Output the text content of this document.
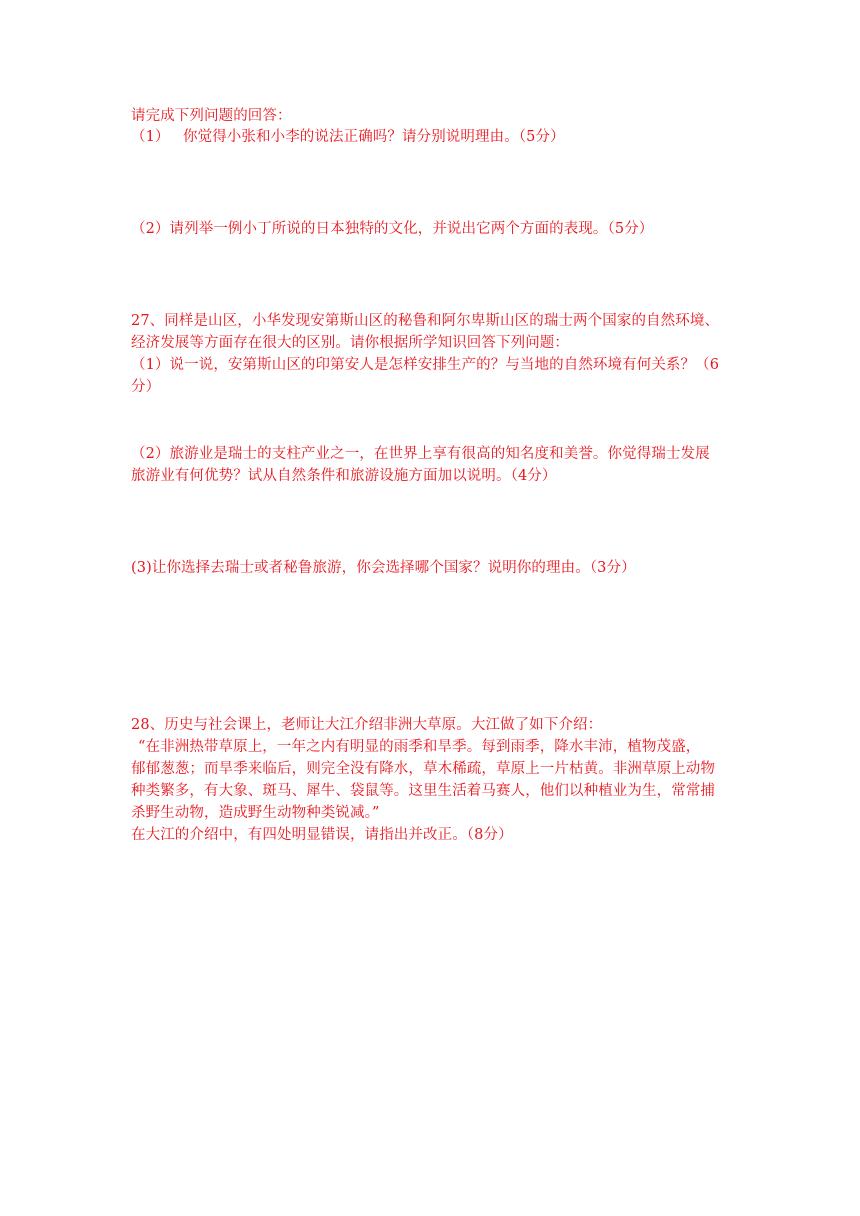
请完成下列问题的回答：

（1） 你觉得小张和小李的说法正确吗？请分别说明理由。（5分）

（2）请列举一例小丁所说的日本独特的文化，并说出它两个方面的表现。（5分）

27、同样是山区，小华发现安第斯山区的秘鲁和阿尔卑斯山区的瑞士两个国家的自然环境、

经济发展等方面存在很大的区别。请你根据所学知识回答下列问题：

（1）说一说，安第斯山区的印第安人是怎样安排生产的？与当地的自然环境有何关系？（6

分）

（2）旅游业是瑞士的支柱产业之一，在世界上享有很高的知名度和美誉。你觉得瑞士发展

旅游业有何优势？试从自然条件和旅游设施方面加以说明。（4分）

(3)让你选择去瑞士或者秘鲁旅游，你会选择哪个国家？说明你的理由。（3分）

28、历史与社会课上，老师让大江介绍非洲大草原。大江做了如下介绍：

“在非洲热带草原上，一年之内有明显的雨季和旱季。每到雨季，降水丰沛，植物茂盛，

郁郁葱葱；而旱季来临后，则完全没有降水，草木稀疏，草原上一片枯黄。非洲草原上动物

种类繁多，有大象、斑马、犀牛、袋鼠等。这里生活着马赛人，他们以种植业为生，常常捕

杀野生动物，造成野生动物种类锐减。”

在大江的介绍中，有四处明显错误，请指出并改正。（8分）
